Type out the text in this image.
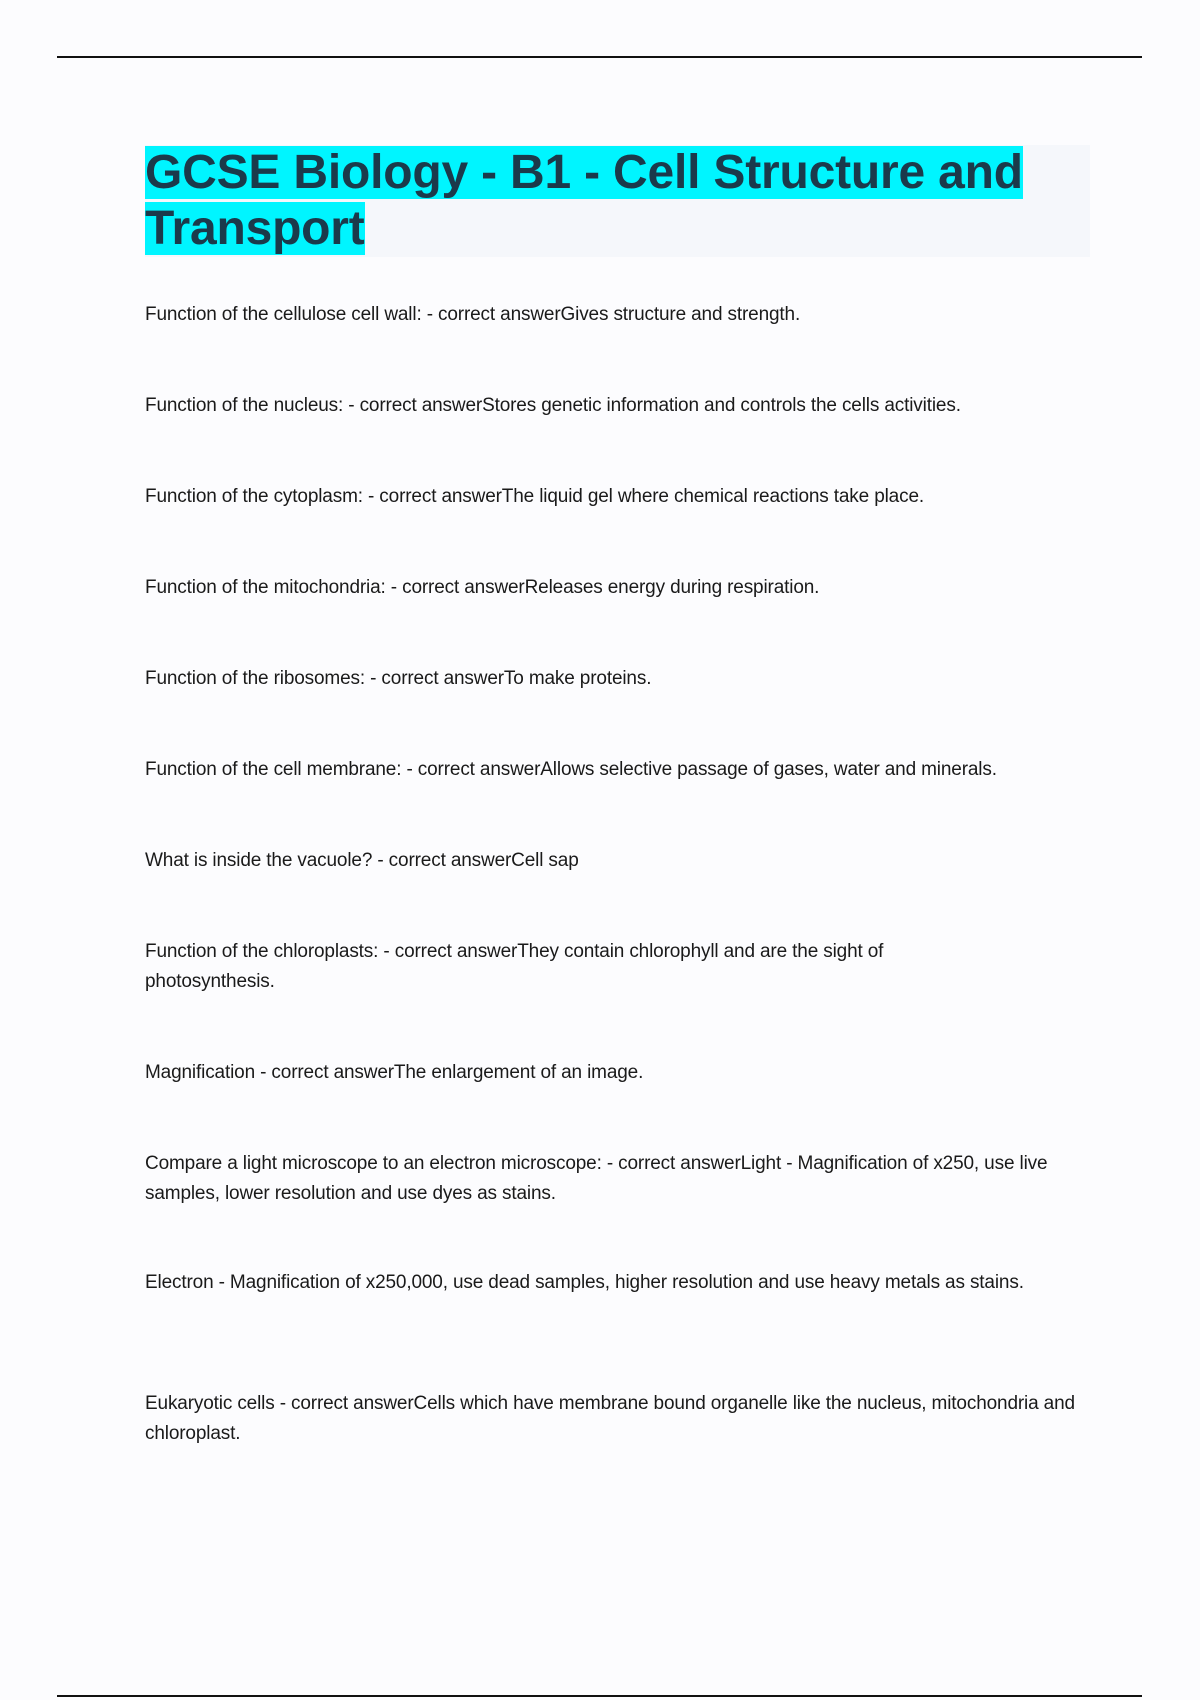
GCSE Biology - B1 - Cell Structure and Transport
Function of the cellulose cell wall: - correct answerGives structure and strength.
Function of the nucleus: - correct answerStores genetic information and controls the cells activities.
Function of the cytoplasm: - correct answerThe liquid gel where chemical reactions take place.
Function of the mitochondria: - correct answerReleases energy during respiration.
Function of the ribosomes: - correct answerTo make proteins.
Function of the cell membrane: - correct answerAllows selective passage of gases, water and minerals.
What is inside the vacuole? - correct answerCell sap
Function of the chloroplasts: - correct answerThey contain chlorophyll and are the sight of photosynthesis.
Magnification - correct answerThe enlargement of an image.
Compare a light microscope to an electron microscope: - correct answerLight - Magnification of x250, use live samples, lower resolution and use dyes as stains.
Electron - Magnification of x250,000, use dead samples, higher resolution and use heavy metals as stains.
Eukaryotic cells - correct answerCells which have membrane bound organelle like the nucleus, mitochondria and chloroplast.
